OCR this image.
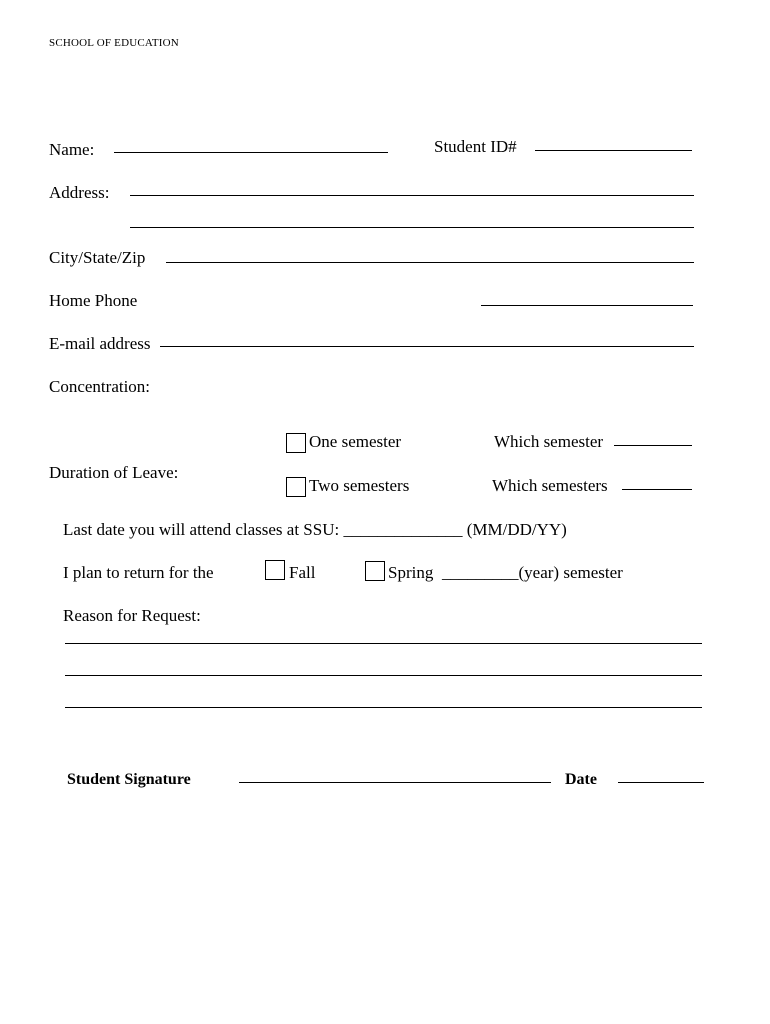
SCHOOL OF EDUCATION
Name:	Student ID#
Address:
City/State/Zip
Home Phone
E-mail address
Concentration:
One semester	Which semester
Duration of Leave:
Two semesters	Which semesters
Last date you will attend classes at SSU: ______________ (MM/DD/YY)
I plan to return for the	Fall	Spring _________(year) semester
Reason for Request:
Student Signature	Date
